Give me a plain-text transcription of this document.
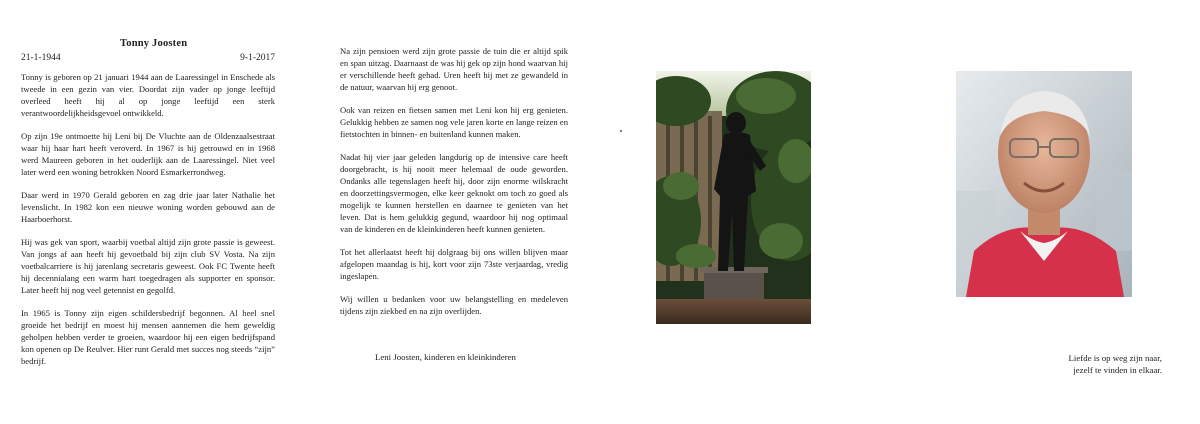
Tonny Joosten
21-1-1944	9-1-2017

Tonny is geboren op 21 januari 1944 aan de Laaressingel in Enschede als tweede in een gezin van vier. Doordat zijn vader op jonge leeftijd overleed heeft hij al op jonge leeftijd een sterk verantwoordelijkheidsgevoel ontwikkeld.

Op zijn 19e ontmoette hij Leni bij De Vluchte aan de Oldenzaalsestraat waar hij haar hart heeft veroverd. In 1967 is hij getrouwd en in 1968 werd Maureen geboren in het ouderlijk aan de Laaressingel. Niet veel later werd een woning betrokken Noord Esmarkerrondweg.

Daar werd in 1970 Gerald geboren en zag drie jaar later Nathalie het levenslicht. In 1982 kon een nieuwe woning worden gebouwd aan de Haarboerhorst.

Hij was gek van sport, waarbij voetbal altijd zijn grote passie is geweest. Van jongs af aan heeft hij gevoetbald bij zijn club SV Vosta. Na zijn voetbalcarriere is hij jarenlang secretaris geweest. Ook FC Twente heeft hij decennialang een warm hart toegedragen als supporter en sponsor. Later heeft hij nog veel getennist en gegolfd.

In 1965 is Tonny zijn eigen schildersbedrijf begonnen. Al heel snel groeide het bedrijf en moest hij mensen aannemen die hem geweldig geholpen hebben verder te groeien, waardoor hij een eigen bedrijfspand kon openen op De Reulver. Hier runt Gerald met succes nog steeds “zijn” bedrijf.

Na zijn pensioen werd zijn grote passie de tuin die er altijd spik en span uitzag. Daarnaast de was hij gek op zijn hond waarvan hij er verschillende heeft gehad. Uren heeft hij met ze gewandeld in de natuur, waarvan hij erg genoot.

Ook van reizen en fietsen samen met Leni kon hij erg genieten. Gelukkig hebben ze samen nog vele jaren korte en lange reizen en fietstochten in binnen- en buitenland kunnen maken.

Nadat hij vier jaar geleden langdurig op de intensive care heeft doorgebracht, is hij nooit meer helemaal de oude geworden. Ondanks alle tegenslagen heeft hij, door zijn enorme wilskracht en doorzettingsvermogen, elke keer geknokt om toch zo goed als mogelijk te kunnen herstellen en daarnee te genieten van het leven. Dat is hem gelukkig gegund, waardoor hij nog optimaal van de kinderen en de kleinkinderen heeft kunnen genieten.

Tot het allerlaatst heeft hij dolgraag bij ons willen blijven maar afgelopen maandag is hij, kort voor zijn 73ste verjaardag, vredig ingeslapen.

Wij willen u bedanken voor uw belangstelling en medeleven tijdens zijn ziekbed en na zijn overlijden.

Leni Joosten, kinderen en kleinkinderen	Liefde is op weg zijn naar,
jezelf te vinden in elkaar.
